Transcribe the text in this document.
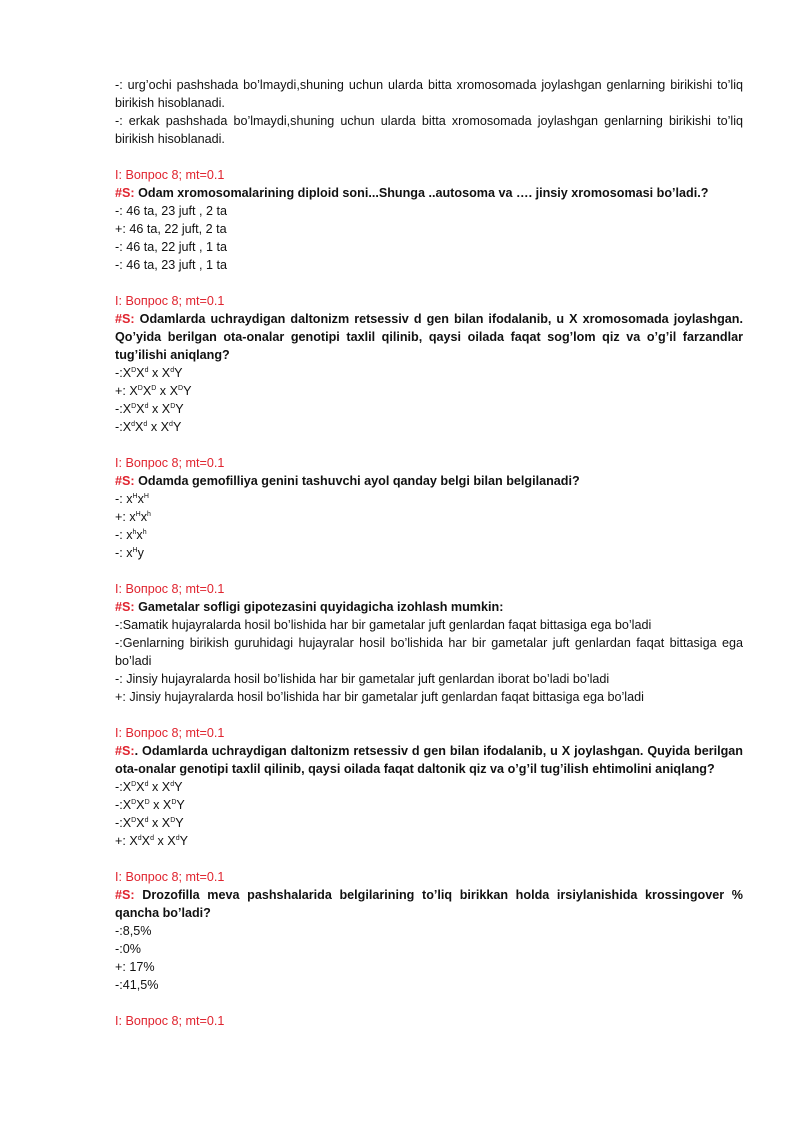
-: urg’ochi pashshada bo’lmaydi,shuning uchun ularda bitta xromosomada joylashgan genlarning birikishi to’liq birikish hisoblanadi.

-: erkak pashshada bo’lmaydi,shuning uchun ularda bitta xromosomada joylashgan genlarning birikishi to’liq birikish hisoblanadi.

I: Вопрос 8; mt=0.1

#S: Odam xromosomalarining diploid soni...Shunga ..autosoma va …. jinsiy xromosomasi bo’ladi.?

-: 46 ta, 23 juft , 2 ta

+: 46 ta, 22 juft, 2 ta

-: 46 ta, 22 juft , 1 ta

-: 46 ta, 23 juft , 1 ta

I: Вопрос 8; mt=0.1

#S: Odamlarda uchraydigan daltonizm retsessiv d gen bilan ifodalanib, u X xromosomada joylashgan. Qo’yida berilgan ota-onalar genotipi taxlil qilinib, qaysi oilada faqat sog’lom qiz va o’g’il farzandlar tug’ilishi aniqlang?

$-:X^DX^d$ x $X^dY$

+: $X^DX^D$ x $X^DY$

$-:X^DX^d$ x $X^DY$

$-:X^dX^d$ x $X^dY$

I: Вопрос 8; mt=0.1

#S: Odamda gemofilliya genini tashuvchi ayol qanday belgi bilan belgilanadi?

-: $x^Hx^H$

+: $x^Hx^h$

-: $x^hx^h$

-: $x^Hy$

I: Вопрос 8; mt=0.1

#S: Gametalar sofligi gipotezasini quyidagicha izohlash mumkin:

-:Samatik hujayralarda hosil bo’lishida har bir gametalar juft genlardan faqat bittasiga ega bo’ladi

-:Genlarning birikish guruhidagi hujayralar hosil bo’lishida har bir gametalar juft genlardan faqat bittasiga ega bo’ladi

-: Jinsiy hujayralarda hosil bo’lishida har bir gametalar juft genlardan iborat bo’ladi bo’ladi

+: Jinsiy hujayralarda hosil bo’lishida har bir gametalar juft genlardan faqat bittasiga ega bo’ladi

I: Вопрос 8; mt=0.1

#S:. Odamlarda uchraydigan daltonizm retsessiv d gen bilan ifodalanib, u X joylashgan. Quyida berilgan ota-onalar genotipi taxlil qilinib, qaysi oilada faqat daltonik qiz va o’g’il tug’ilish ehtimolini aniqlang?

$-:X^DX^d$ x $X^dY$

$-:X^DX^D$ x $X^DY$

$-:X^DX^d$ x $X^DY$

+: $X^dX^d$ x $X^dY$

I: Вопрос 8; mt=0.1

#S: Drozofilla meva pashshalarida belgilarining to’liq birikkan holda irsiylanishida krossingover % qancha bo’ladi?

-:8,5%

-:0%

+: 17%

-:41,5%

I: Вопрос 8; mt=0.1
